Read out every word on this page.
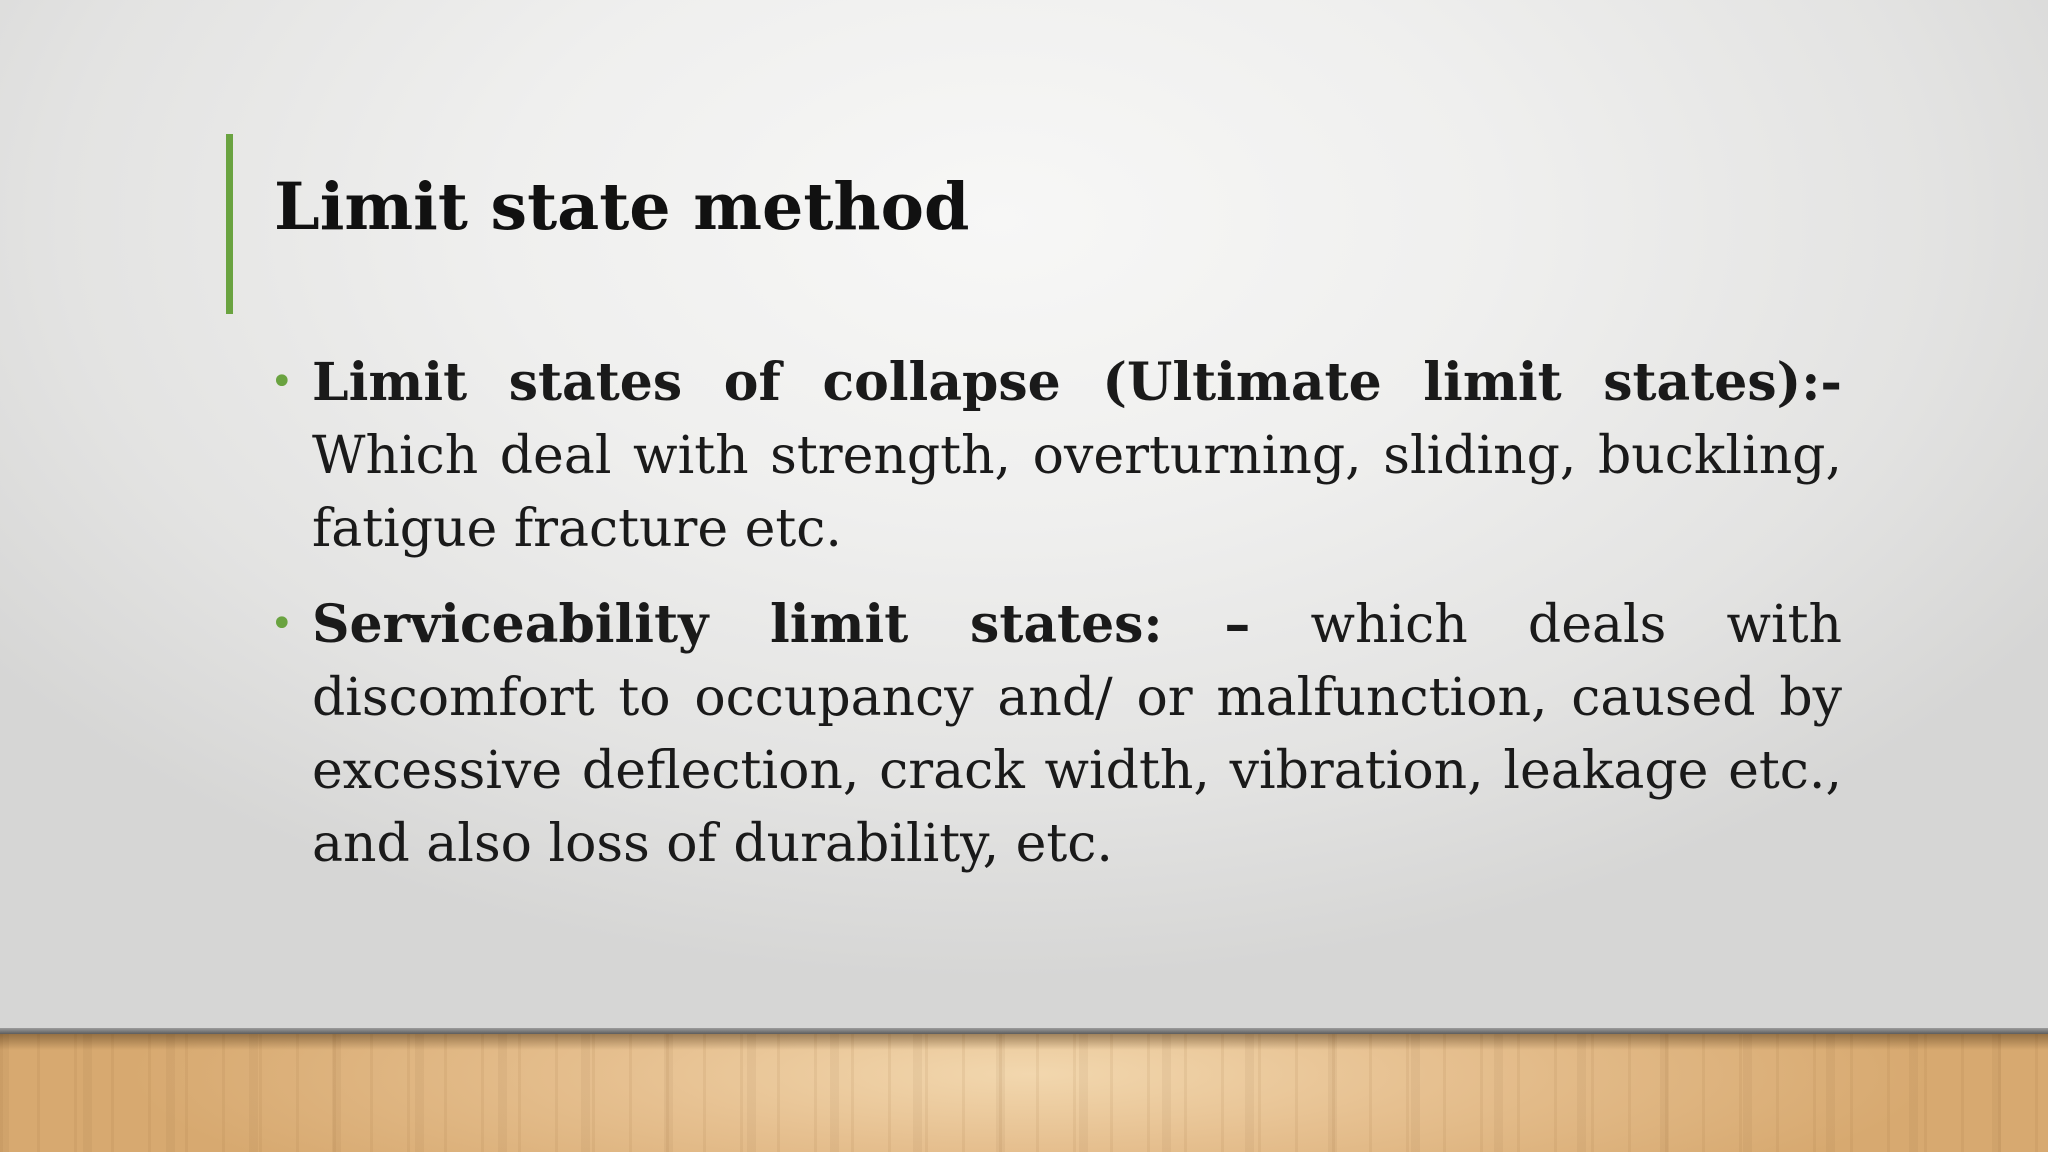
Limit state method
• Limit states of collapse (Ultimate limit states):- Which deal with strength, overturning, sliding, buckling, fatigue fracture etc.
• Serviceability limit states: – which deals with discomfort to occupancy and/ or malfunction, caused by excessive deflection, crack width, vibration, leakage etc., and also loss of durability, etc.
